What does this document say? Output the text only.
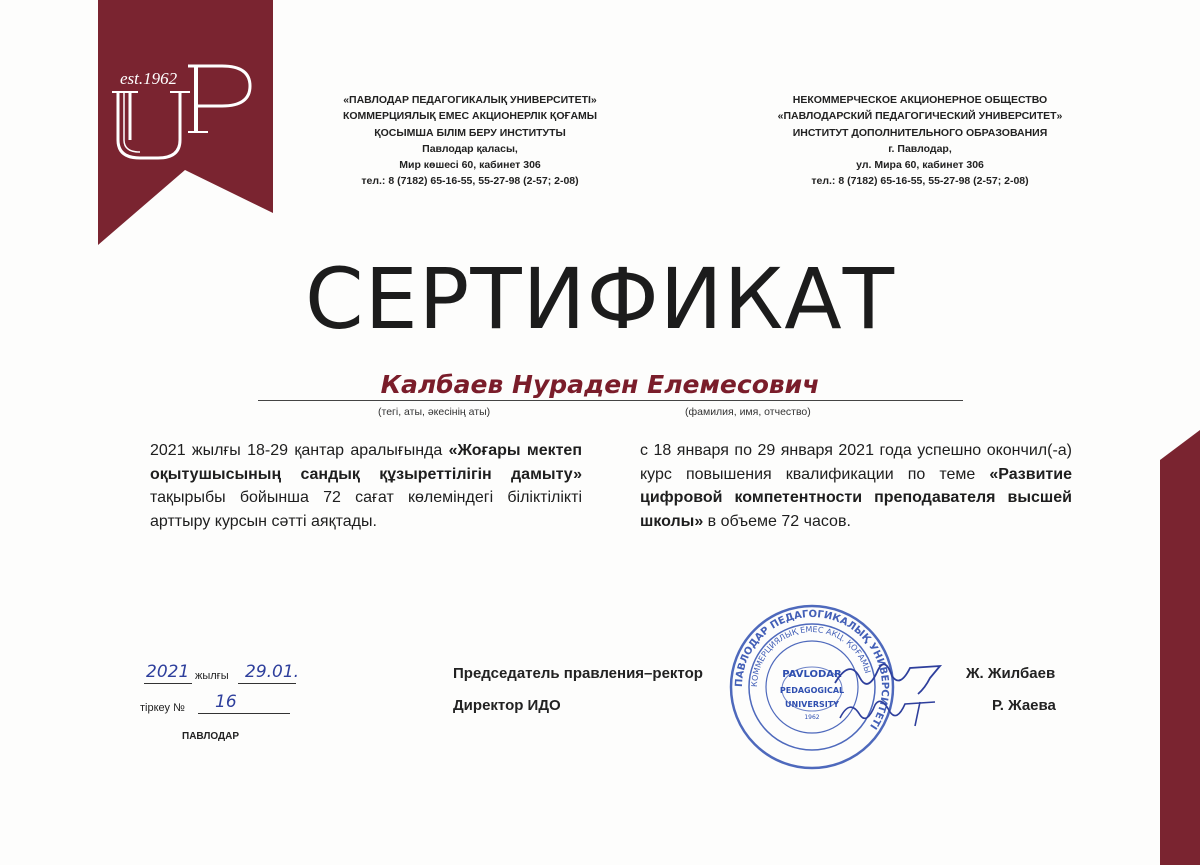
est.1962
«ПАВЛОДАР ПЕДАГОГИКАЛЫҚ УНИВЕРСИТЕТІ»
КОММЕРЦИЯЛЫҚ ЕМЕС АКЦИОНЕРЛІК ҚОҒАМЫ
ҚОСЫМША БІЛІМ БЕРУ ИНСТИТУТЫ
Павлодар қаласы,
Мир көшесі 60, кабинет 306
тел.: 8 (7182) 65-16-55, 55-27-98 (2-57; 2-08)
НЕКОММЕРЧЕСКОЕ АКЦИОНЕРНОЕ ОБЩЕСТВО
«ПАВЛОДАРСКИЙ ПЕДАГОГИЧЕСКИЙ УНИВЕРСИТЕТ»
ИНСТИТУТ ДОПОЛНИТЕЛЬНОГО ОБРАЗОВАНИЯ
г. Павлодар,
ул. Мира 60, кабинет 306
тел.: 8 (7182) 65-16-55, 55-27-98 (2-57; 2-08)
СЕРТИФИКАТ
Калбаев Нураден Елемесович
(тегі, аты, әкесінің аты)	(фамилия, имя, отчество)
2021 жылғы 18-29 қантар аралығында «Жоғары мектеп оқытушысының сандық құзыреттілігін дамыту» тақырыбы бойынша 72 сағат көлеміндегі біліктілікті арттыру курсын сәтті аяқтады.
с 18 января по 29 января 2021 года успешно окончил(-а) курс повышения квалификации по теме «Развитие цифровой компетентности преподавателя высшей школы» в объеме 72 часов.
2021 жылғы 29.01.
тіркеу № 16
ПАВЛОДАР
Председатель правления–ректор	Ж. Жилбаев
Директор ИДО	Р. Жаева
ПАВЛОДАР ПЕДАГОГИКАЛЫҚ УНИВЕРСИТЕТІ
КОММЕРЦИЯЛЫҚ ЕМЕС АКЦ. ҚОҒАМЫ
PAVLODAR
PEDAGOGICAL
UNIVERSITY
1962
